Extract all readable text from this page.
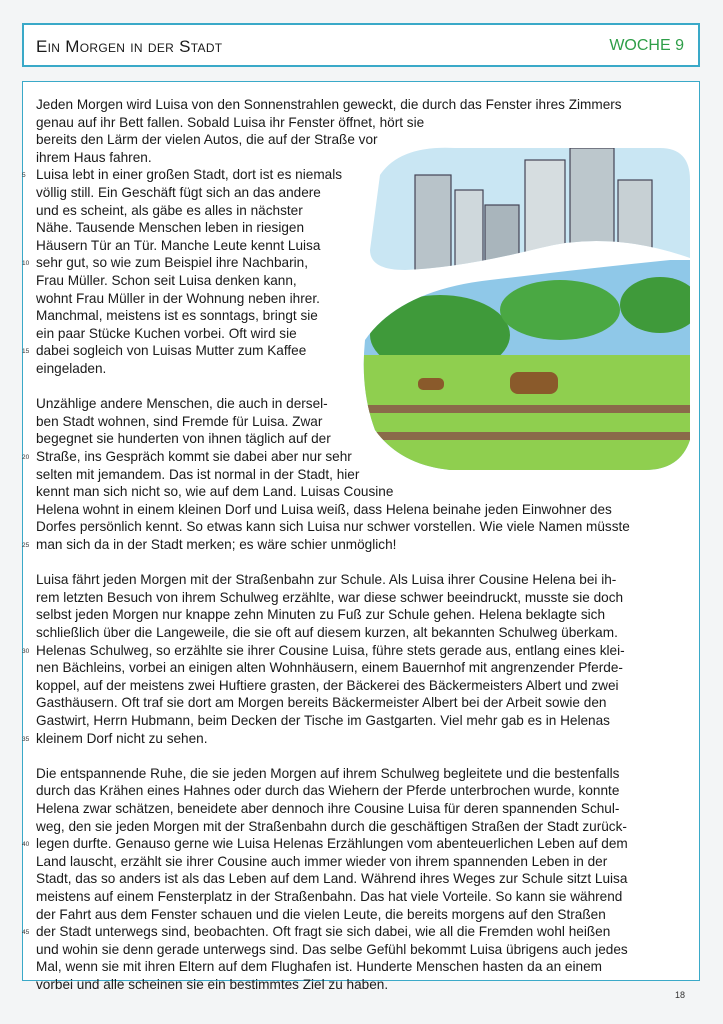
Ein Morgen in der Stadt	WOCHE 9
Jeden Morgen wird Luisa von den Sonnenstrahlen geweckt, die durch das Fenster ihres Zimmers
genau auf ihr Bett fallen. Sobald Luisa ihr Fenster öffnet, hört sie
bereits den Lärm der vielen Autos, die auf der Straße vor
ihrem Haus fahren.
Luisa lebt in einer großen Stadt, dort ist es niemals
völlig still. Ein Geschäft fügt sich an das andere
und es scheint, als gäbe es alles in nächster
Nähe. Tausende Menschen leben in riesigen
Häusern Tür an Tür. Manche Leute kennt Luisa
sehr gut, so wie zum Beispiel ihre Nachbarin,
Frau Müller. Schon seit Luisa denken kann,
wohnt Frau Müller in der Wohnung neben ihrer.
Manchmal, meistens ist es sonntags, bringt sie
ein paar Stücke Kuchen vorbei. Oft wird sie
dabei sogleich von Luisas Mutter zum Kaffee
eingeladen.
Unzählige andere Menschen, die auch in dersel-
ben Stadt wohnen, sind Fremde für Luisa. Zwar
begegnet sie hunderten von ihnen täglich auf der
Straße, ins Gespräch kommt sie dabei aber nur sehr
selten mit jemandem. Das ist normal in der Stadt, hier
kennt man sich nicht so, wie auf dem Land. Luisas Cousine
Helena wohnt in einem kleinen Dorf und Luisa weiß, dass Helena beinahe jeden Einwohner des
Dorfes persönlich kennt. So etwas kann sich Luisa nur schwer vorstellen. Wie viele Namen müsste
man sich da in der Stadt merken; es wäre schier unmöglich!
Luisa fährt jeden Morgen mit der Straßenbahn zur Schule. Als Luisa ihrer Cousine Helena bei ih-
rem letzten Besuch von ihrem Schulweg erzählte, war diese schwer beeindruckt, musste sie doch
selbst jeden Morgen nur knappe zehn Minuten zu Fuß zur Schule gehen. Helena beklagte sich
schließlich über die Langeweile, die sie oft auf diesem kurzen, alt bekannten Schulweg überkam.
Helenas Schulweg, so erzählte sie ihrer Cousine Luisa, führe stets gerade aus, entlang eines klei-
nen Bächleins, vorbei an einigen alten Wohnhäusern, einem Bauernhof mit angrenzender Pferde-
koppel, auf der meistens zwei Huftiere grasten, der Bäckerei des Bäckermeisters Albert und zwei
Gasthäusern. Oft traf sie dort am Morgen bereits Bäckermeister Albert bei der Arbeit sowie den
Gastwirt, Herrn Hubmann, beim Decken der Tische im Gastgarten. Viel mehr gab es in Helenas
kleinem Dorf nicht zu sehen.
Die entspannende Ruhe, die sie jeden Morgen auf ihrem Schulweg begleitete und die bestenfalls
durch das Krähen eines Hahnes oder durch das Wiehern der Pferde unterbrochen wurde, konnte
Helena zwar schätzen, beneidete aber dennoch ihre Cousine Luisa für deren spannenden Schul-
weg, den sie jeden Morgen mit der Straßenbahn durch die geschäftigen Straßen der Stadt zurück-
legen durfte. Genauso gerne wie Luisa Helenas Erzählungen vom abenteuerlichen Leben auf dem
Land lauscht, erzählt sie ihrer Cousine auch immer wieder von ihrem spannenden Leben in der
Stadt, das so anders ist als das Leben auf dem Land. Während ihres Weges zur Schule sitzt Luisa
meistens auf einem Fensterplatz in der Straßenbahn. Das hat viele Vorteile. So kann sie während
der Fahrt aus dem Fenster schauen und die vielen Leute, die bereits morgens auf den Straßen
der Stadt unterwegs sind, beobachten. Oft fragt sie sich dabei, wie all die Fremden wohl heißen
und wohin sie denn gerade unterwegs sind. Das selbe Gefühl bekommt Luisa übrigens auch jedes
Mal, wenn sie mit ihren Eltern auf dem Flughafen ist. Hunderte Menschen hasten da an einem
vorbei und alle scheinen sie ein bestimmtes Ziel zu haben.
5
10
15
20
25
30
35
40
45
18
